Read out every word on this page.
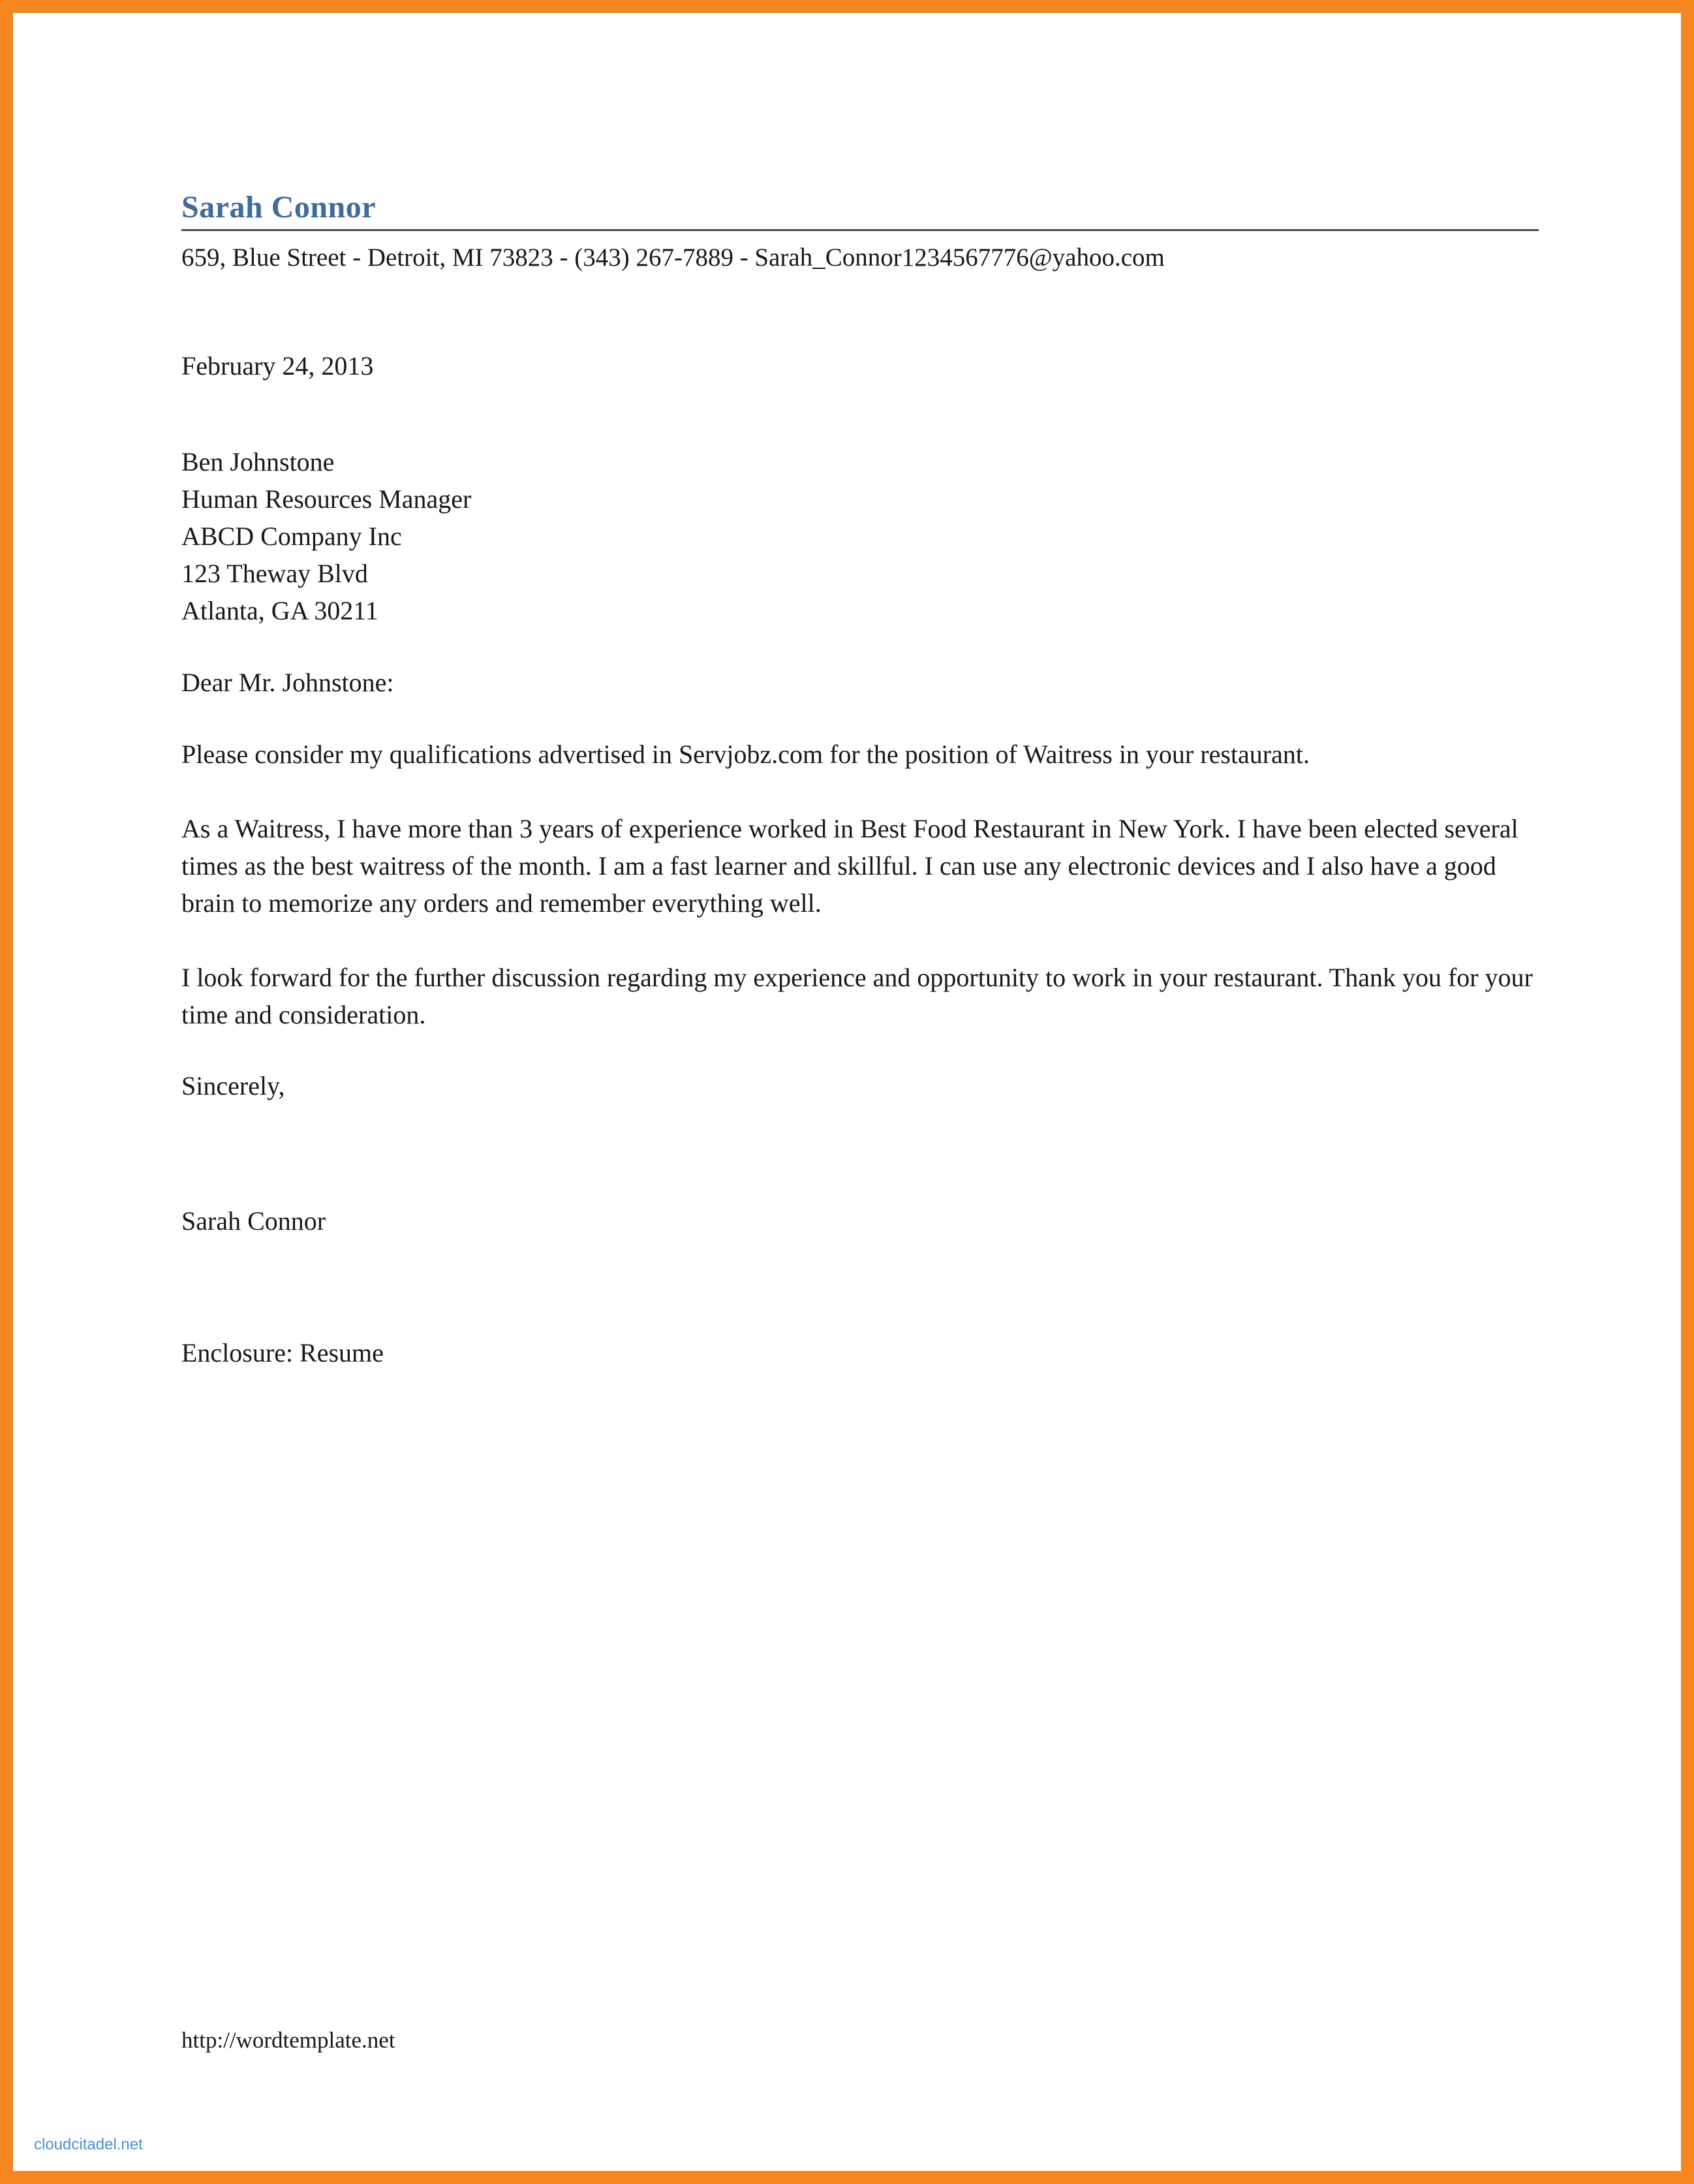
Sarah Connor
659, Blue Street - Detroit, MI 73823 - (343) 267-7889 - Sarah_Connor1234567776@yahoo.com
February 24, 2013
Ben Johnstone
Human Resources Manager
ABCD Company Inc
123 Theway Blvd
Atlanta, GA 30211
Dear Mr. Johnstone:
Please consider my qualifications advertised in Servjobz.com for the position of Waitress in your restaurant.
As a Waitress, I have more than 3 years of experience worked in Best Food Restaurant in New York. I have been elected several times as the best waitress of the month. I am a fast learner and skillful. I can use any electronic devices and I also have a good brain to memorize any orders and remember everything well.
I look forward for the further discussion regarding my experience and opportunity to work in your restaurant. Thank you for your time and consideration.
Sincerely,
Sarah Connor
Enclosure: Resume
http://wordtemplate.net
cloudcitadel.net
Resume
